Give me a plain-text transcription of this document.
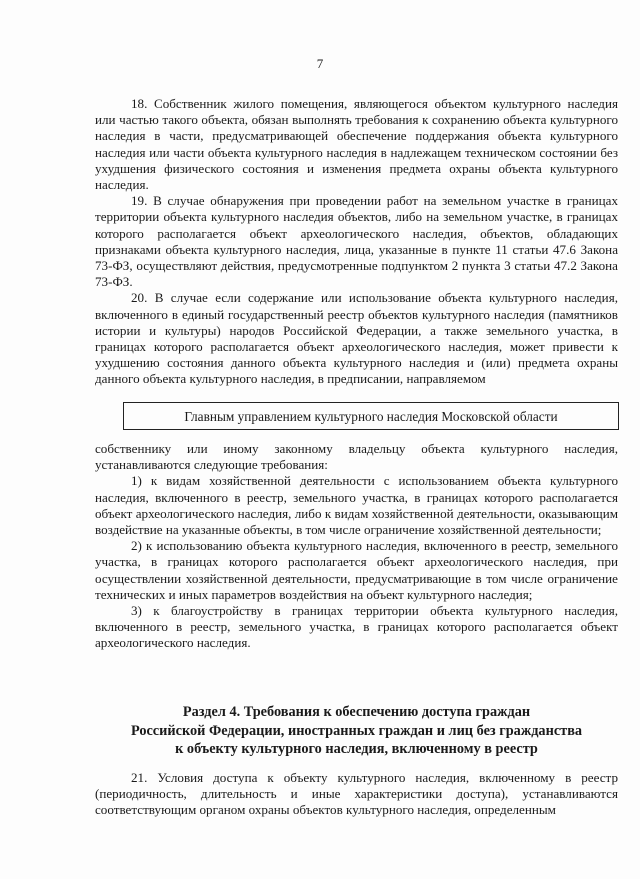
7

18. Собственник жилого помещения, являющегося объектом культурного наследия или частью такого объекта, обязан выполнять требования к сохранению объекта культурного наследия в части, предусматривающей обеспечение поддержания объекта культурного наследия или части объекта культурного наследия в надлежащем техническом состоянии без ухудшения физического состояния и изменения предмета охраны объекта культурного наследия.

19. В случае обнаружения при проведении работ на земельном участке в границах территории объекта культурного наследия объектов, либо на земельном участке, в границах которого располагается объект археологического наследия, объектов, обладающих признаками объекта культурного наследия, лица, указанные в пункте 11 статьи 47.6 Закона 73-ФЗ, осуществляют действия, предусмотренные подпунктом 2 пункта 3 статьи 47.2 Закона 73-ФЗ.

20. В случае если содержание или использование объекта культурного наследия, включенного в единый государственный реестр объектов культурного наследия (памятников истории и культуры) народов Российской Федерации, а также земельного участка, в границах которого располагается объект археологического наследия, может привести к ухудшению состояния данного объекта культурного наследия и (или) предмета охраны данного объекта культурного наследия, в предписании, направляемом

Главным управлением культурного наследия Московской области

собственнику или иному законному владельцу объекта культурного наследия, устанавливаются следующие требования:

1) к видам хозяйственной деятельности с использованием объекта культурного наследия, включенного в реестр, земельного участка, в границах которого располагается объект археологического наследия, либо к видам хозяйственной деятельности, оказывающим воздействие на указанные объекты, в том числе ограничение хозяйственной деятельности;

2) к использованию объекта культурного наследия, включенного в реестр, земельного участка, в границах которого располагается объект археологического наследия, при осуществлении хозяйственной деятельности, предусматривающие в том числе ограничение технических и иных параметров воздействия на объект культурного наследия;

3) к благоустройству в границах территории объекта культурного наследия, включенного в реестр, земельного участка, в границах которого располагается объект археологического наследия.

Раздел 4. Требования к обеспечению доступа граждан
Российской Федерации, иностранных граждан и лиц без гражданства
к объекту культурного наследия, включенному в реестр

21. Условия доступа к объекту культурного наследия, включенному в реестр (периодичность, длительность и иные характеристики доступа), устанавливаются соответствующим органом охраны объектов культурного наследия, определенным
